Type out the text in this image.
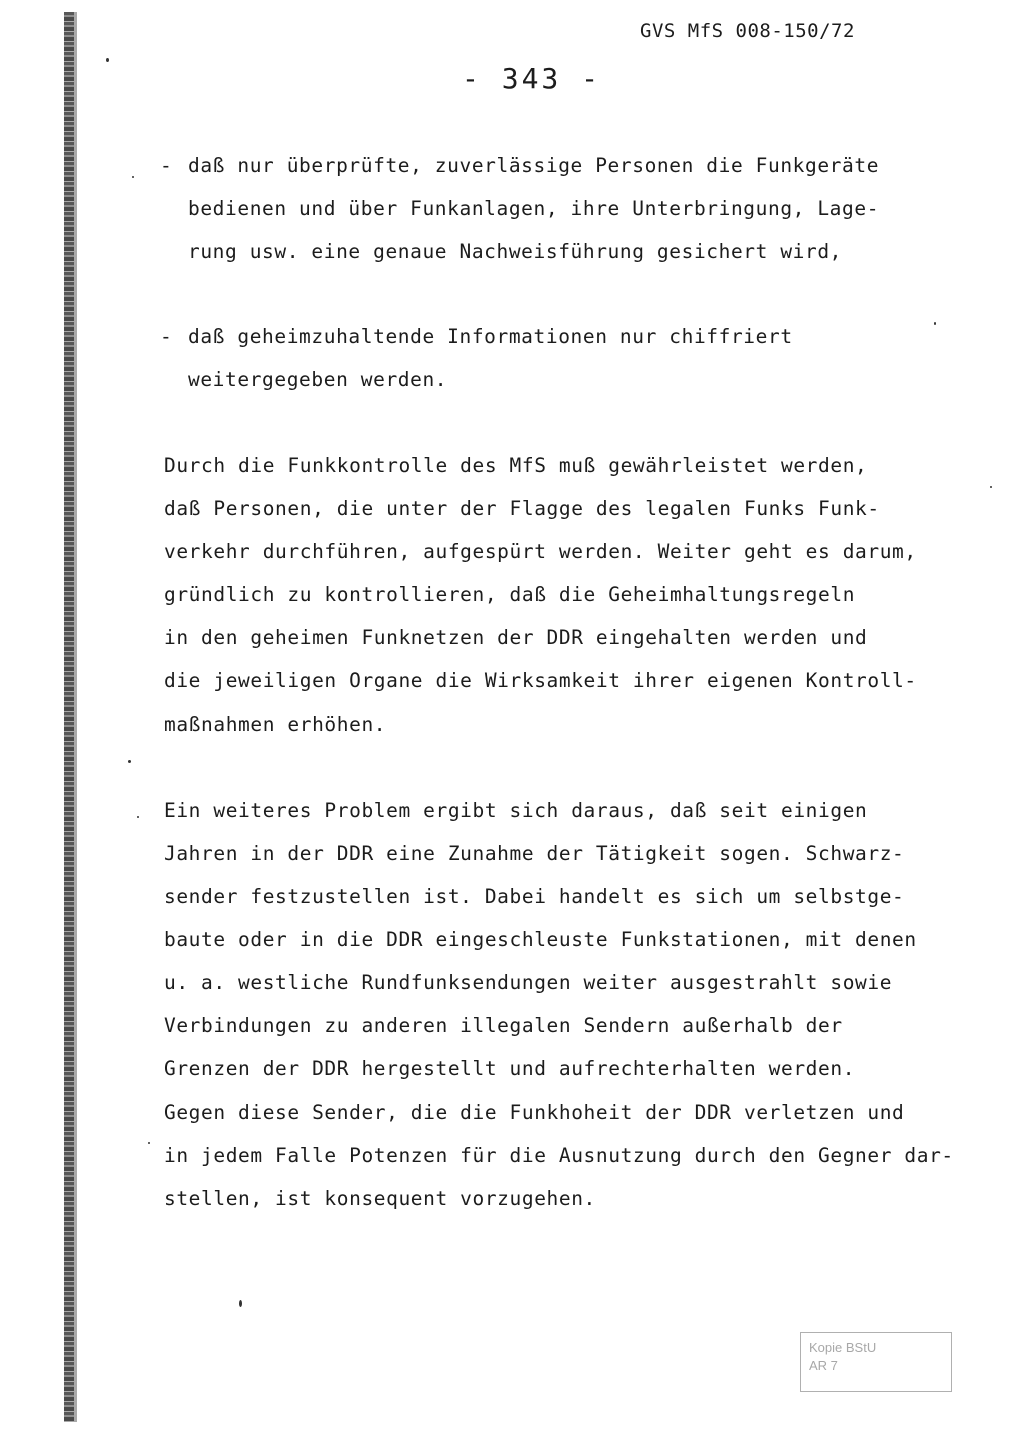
GVS MfS 008-150/72
- 343 -
- daß nur überprüfte, zuverlässige Personen die Funkgeräte
bedienen und über Funkanlagen, ihre Unterbringung, Lage-
rung usw. eine genaue Nachweisführung gesichert wird,
- daß geheimzuhaltende Informationen nur chiffriert
weitergegeben werden.
Durch die Funkkontrolle des MfS muß gewährleistet werden,
daß Personen, die unter der Flagge des legalen Funks Funk-
verkehr durchführen, aufgespürt werden. Weiter geht es darum,
gründlich zu kontrollieren, daß die Geheimhaltungsregeln
in den geheimen Funknetzen der DDR eingehalten werden und
die jeweiligen Organe die Wirksamkeit ihrer eigenen Kontroll-
maßnahmen erhöhen.
Ein weiteres Problem ergibt sich daraus, daß seit einigen
Jahren in der DDR eine Zunahme der Tätigkeit sogen. Schwarz-
sender festzustellen ist. Dabei handelt es sich um selbstge-
baute oder in die DDR eingeschleuste Funkstationen, mit denen
u. a. westliche Rundfunksendungen weiter ausgestrahlt sowie
Verbindungen zu anderen illegalen Sendern außerhalb der
Grenzen der DDR hergestellt und aufrechterhalten werden.
Gegen diese Sender, die die Funkhoheit der DDR verletzen und
in jedem Falle Potenzen für die Ausnutzung durch den Gegner dar-
stellen, ist konsequent vorzugehen.
Kopie BStU
AR 7
